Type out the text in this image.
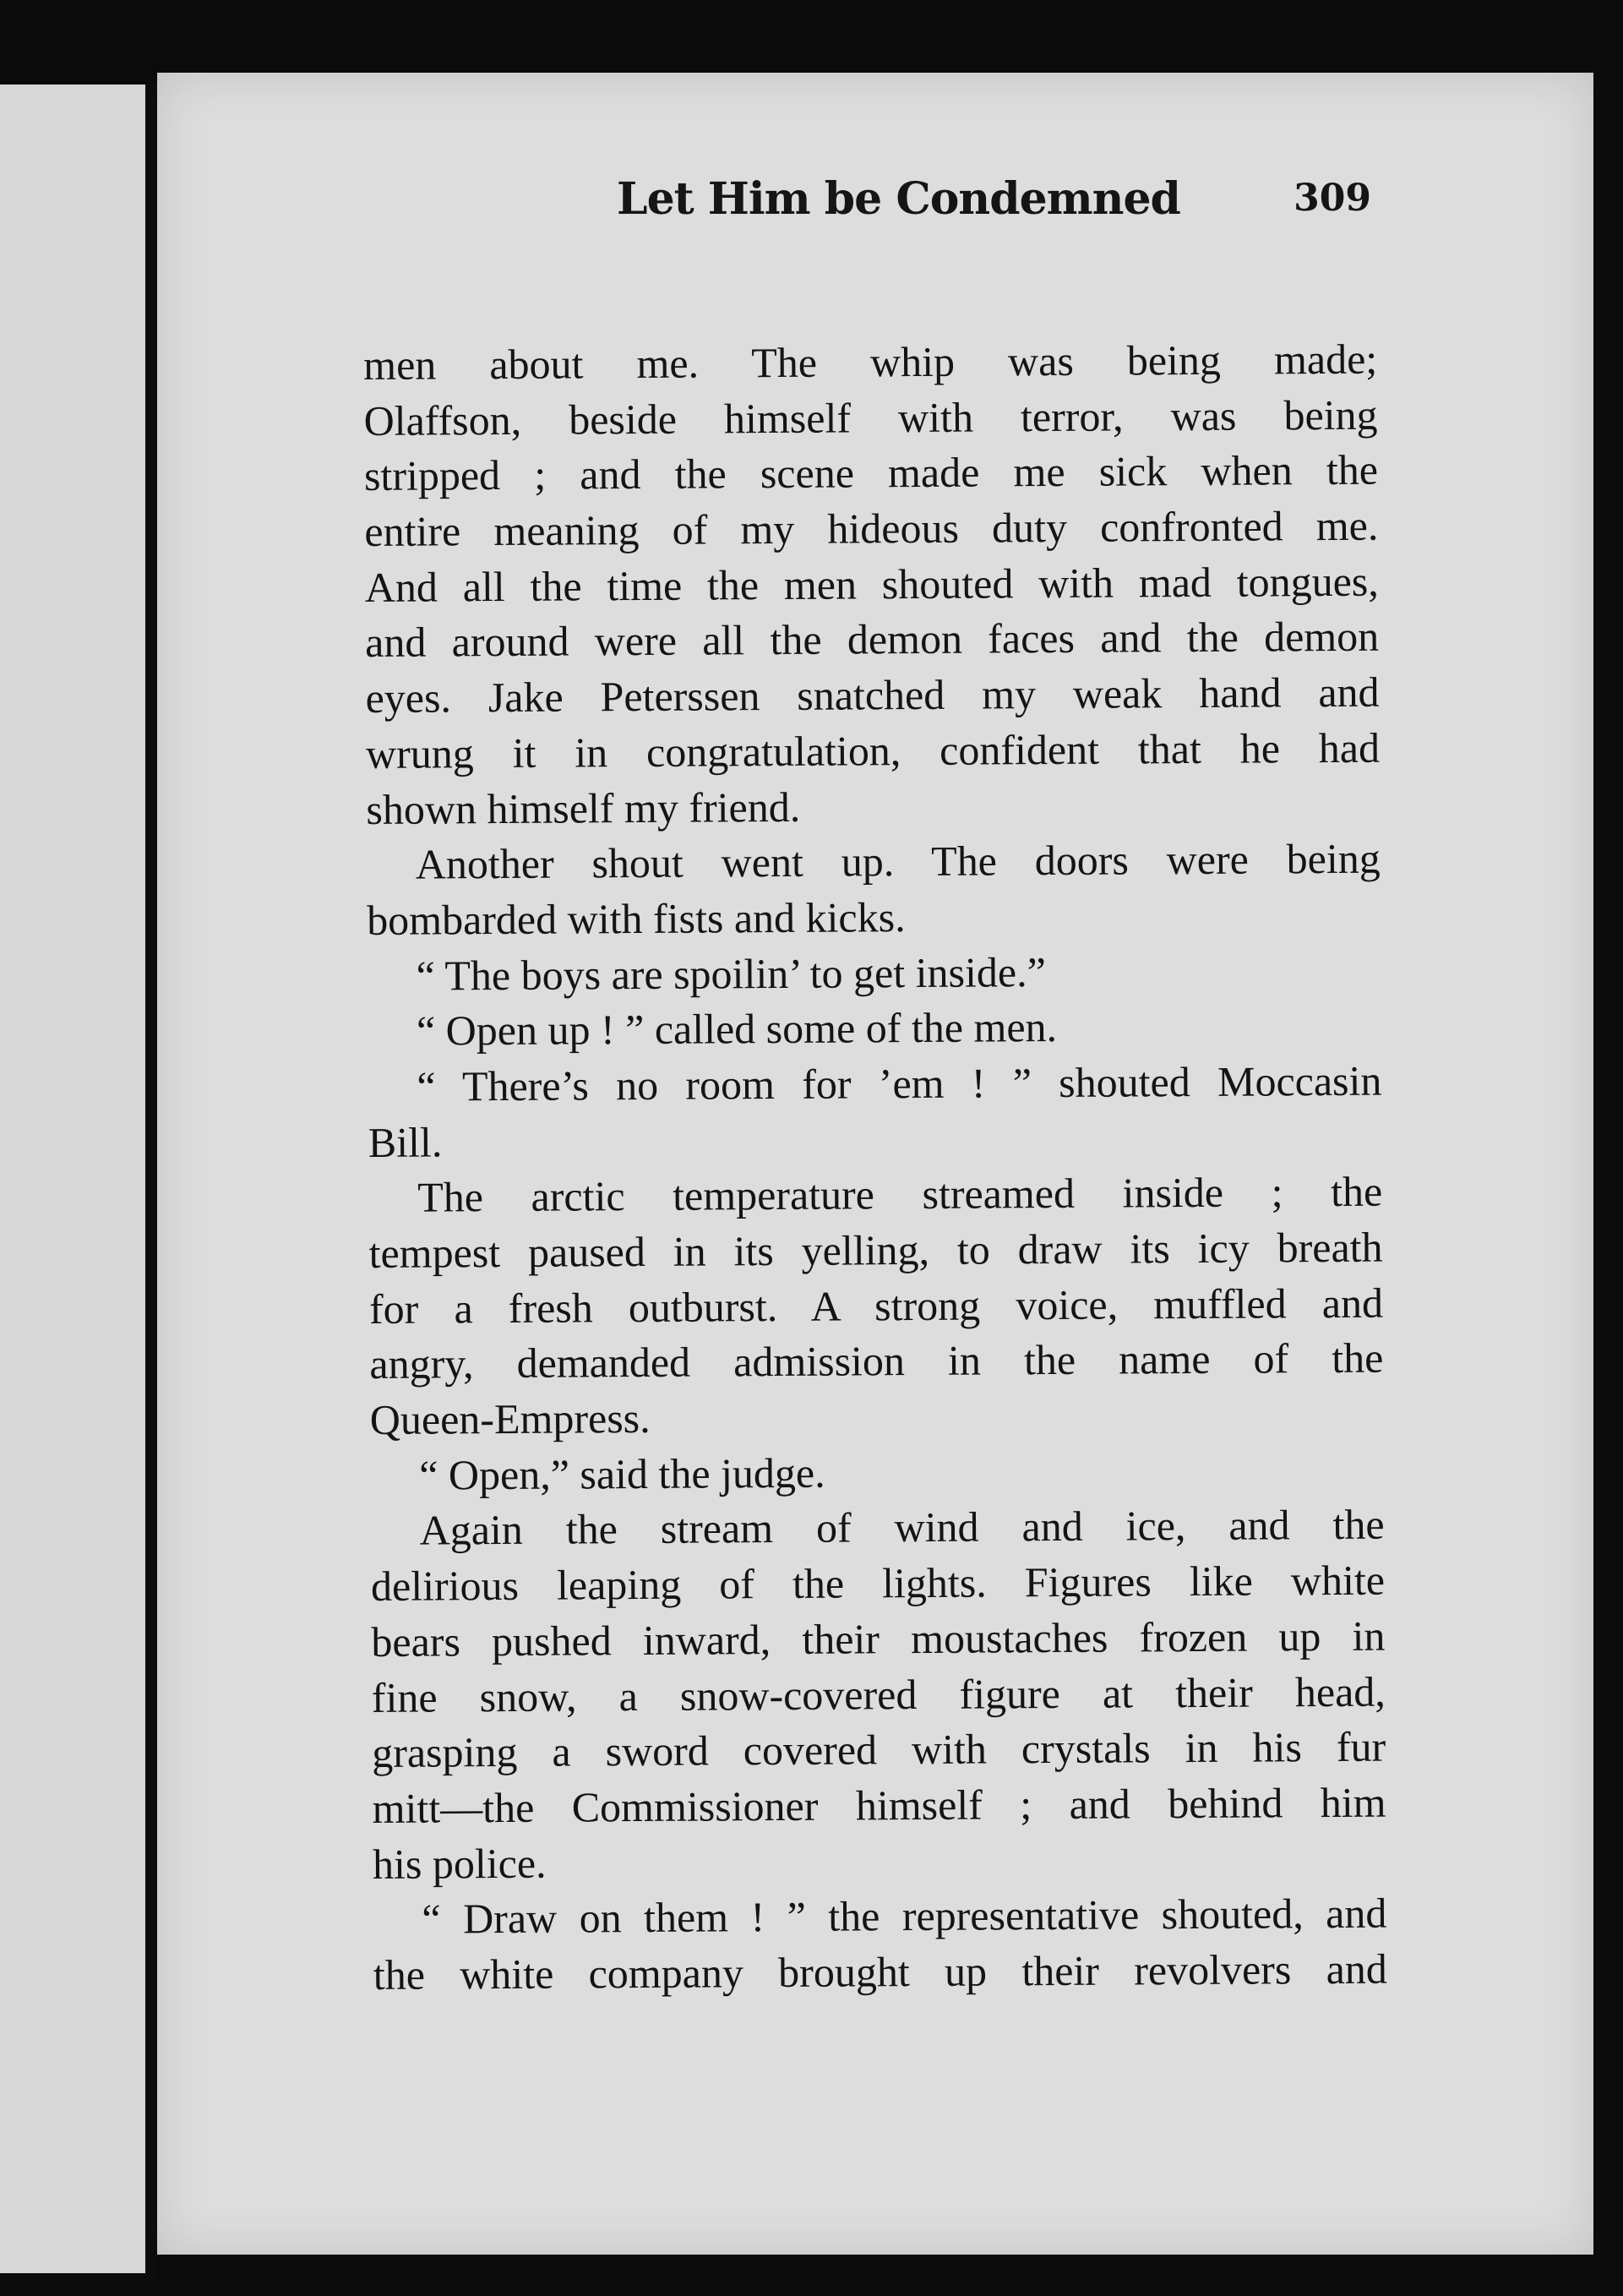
Let Him be Condemned	309
men about me. The whip was being made;
Olaffson, beside himself with terror, was being
stripped ; and the scene made me sick when the
entire meaning of my hideous duty confronted me.
And all the time the men shouted with mad tongues,
and around were all the demon faces and the demon
eyes. Jake Peterssen snatched my weak hand and
wrung it in congratulation, confident that he had
shown himself my friend.
Another shout went up. The doors were being
bombarded with fists and kicks.
“ The boys are spoilin’ to get inside.”
“ Open up ! ” called some of the men.
“ There’s no room for ’em ! ” shouted Moccasin
Bill.
The arctic temperature streamed inside ; the
tempest paused in its yelling, to draw its icy breath
for a fresh outburst. A strong voice, muffled and
angry, demanded admission in the name of the
Queen-Empress.
“ Open,” said the judge.
Again the stream of wind and ice, and the
delirious leaping of the lights. Figures like white
bears pushed inward, their moustaches frozen up in
fine snow, a snow-covered figure at their head,
grasping a sword covered with crystals in his fur
mitt—the Commissioner himself ; and behind him
his police.
“ Draw on them ! ” the representative shouted, and
the white company brought up their revolvers and
